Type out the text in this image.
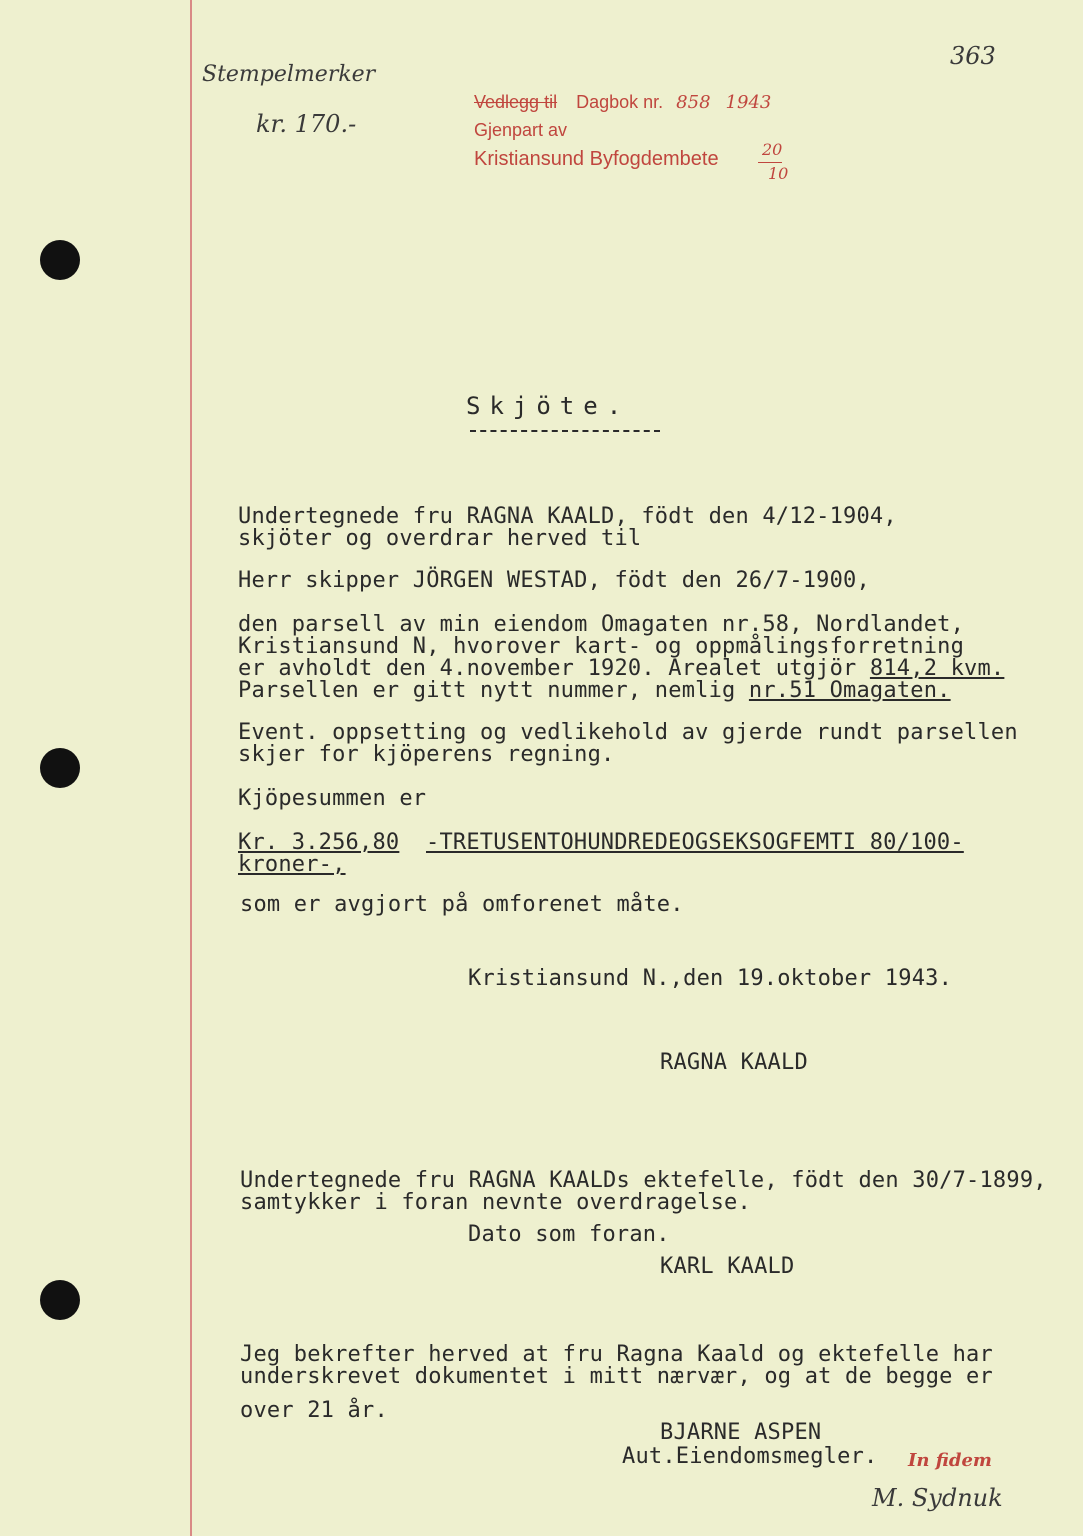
Stempelmerker
kr. 170.-
363
Vedlegg til Dagbok nr. 858 1943
Gjenpart av
Kristiansund Byfogdembete	20
10
Skjöte.
Undertegnede fru RAGNA KAALD, födt den 4/12-1904,
skjöter og overdrar herved til
Herr skipper JÖRGEN WESTAD, födt den 26/7-1900,
den parsell av min eiendom Omagaten nr.58, Nordlandet,
Kristiansund N, hvorover kart- og oppmålingsforretning
er avholdt den 4.november 1920. Arealet utgjör 814,2 kvm.
Parsellen er gitt nytt nummer, nemlig nr.51 Omagaten.
Event. oppsetting og vedlikehold av gjerde rundt parsellen
skjer for kjöperens regning.
Kjöpesummen er
Kr. 3.256,80 -TRETUSENTOHUNDREDEOGSEKSOGFEMTI 80/100-
kroner-,
som er avgjort på omforenet måte.
Kristiansund N.,den 19.oktober 1943.
RAGNA KAALD
Undertegnede fru RAGNA KAALDs ektefelle, födt den 30/7-1899,
samtykker i foran nevnte overdragelse.
Dato som foran.
KARL KAALD
Jeg bekrefter herved at fru Ragna Kaald og ektefelle har
underskrevet dokumentet i mitt nærvær, og at de begge er
over 21 år.
BJARNE ASPEN
Aut.Eiendomsmegler. In fidem
M. Sydnuk
